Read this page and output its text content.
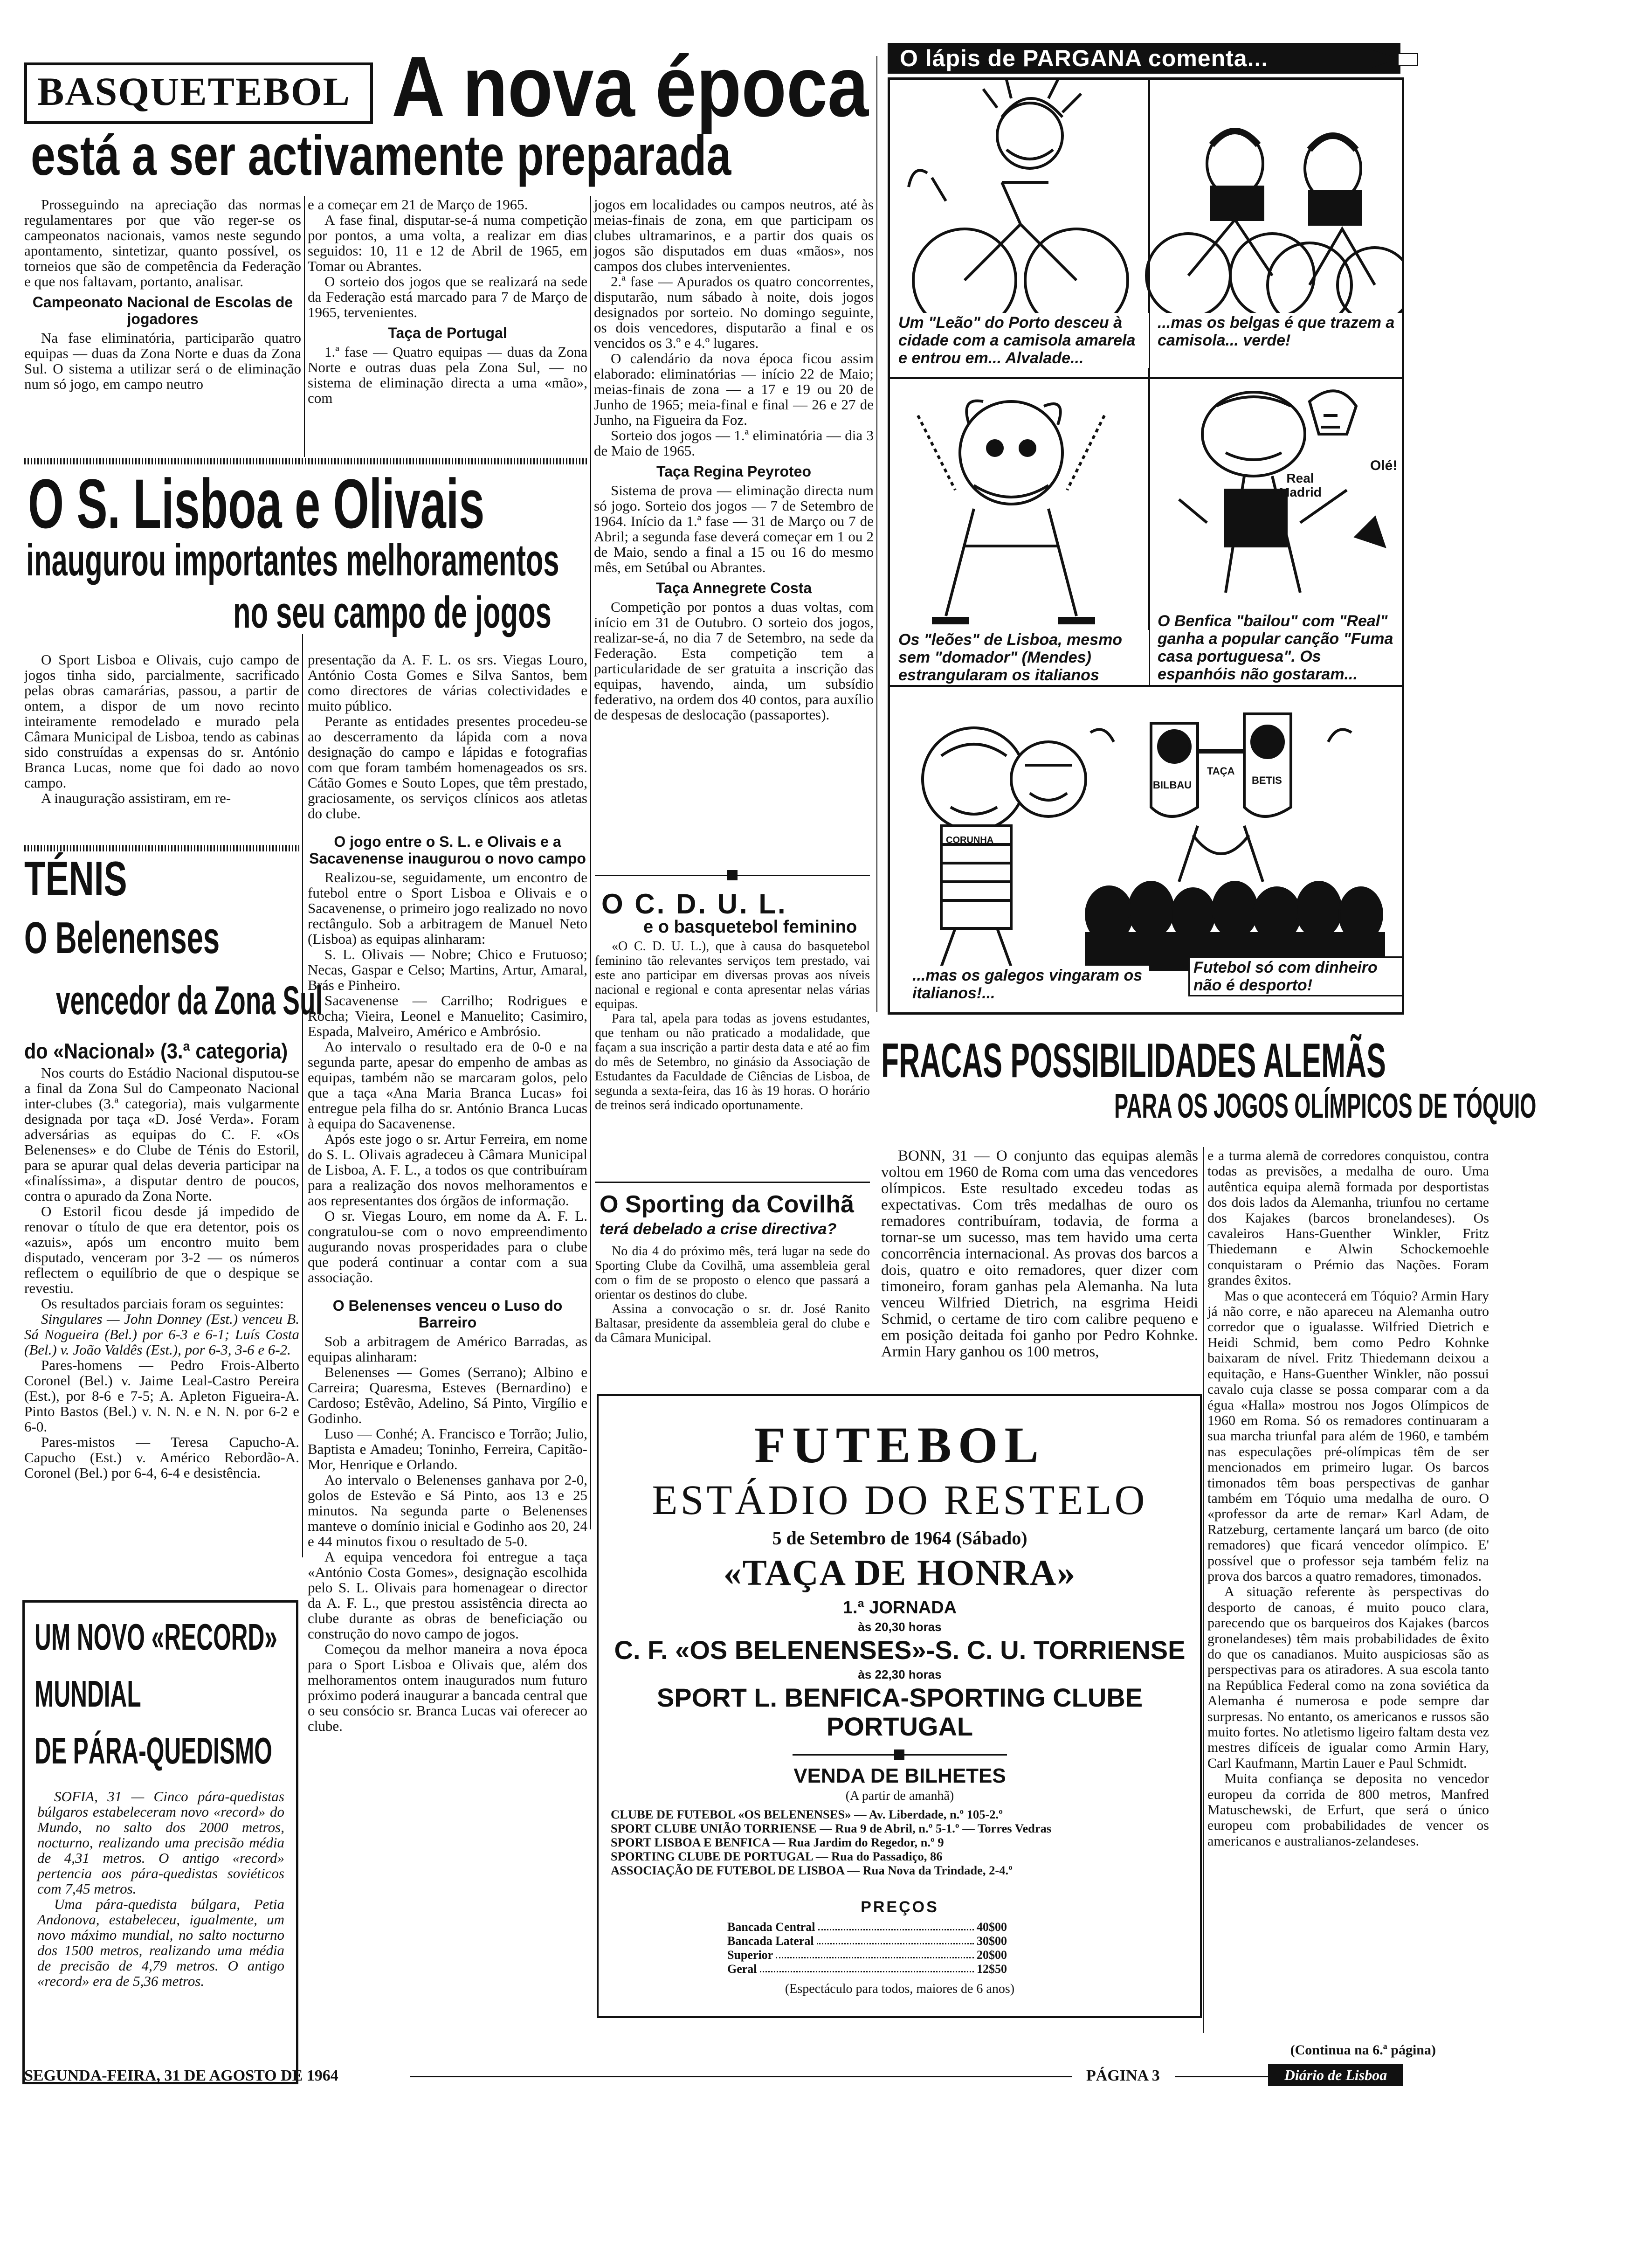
BASQUETEBOL A nova época
está a ser activamente preparada

Prosseguindo na apreciação das normas regulamentares por que vão reger-se os campeonatos nacionais, vamos neste segundo apontamento, sintetizar, quanto possível, os torneios que são de competência da Federação e que nos faltavam, portanto, analisar.

Campeonato Nacional de Escolas de jogadores

Na fase eliminatória, participarão quatro equipas — duas da Zona Norte e duas da Zona Sul. O sistema a utilizar será o de eliminação num só jogo, em campo neutro

e a começar em 21 de Março de 1965.

A fase final, disputar-se-á numa competição por pontos, a uma volta, a realizar em dias seguidos: 10, 11 e 12 de Abril de 1965, em Tomar ou Abrantes.

O sorteio dos jogos que se realizará na sede da Federação está marcado para 7 de Março de 1965, tervenientes.

Taça de Portugal

1.ª fase — Quatro equipas — duas da Zona Norte e outras duas pela Zona Sul, — no sistema de eliminação directa a uma «mão», com

jogos em localidades ou campos neutros, até às meias-finais de zona, em que participam os clubes ultramarinos, e a partir dos quais os jogos são disputados em duas «mãos», nos campos dos clubes intervenientes.

2.ª fase — Apurados os quatro concorrentes, disputarão, num sábado à noite, dois jogos designados por sorteio. No domingo seguinte, os dois vencedores, disputarão a final e os vencidos os 3.º e 4.º lugares.

O calendário da nova época ficou assim elaborado: eliminatórias — início 22 de Maio; meias-finais de zona — a 17 e 19 ou 20 de Junho de 1965; meia-final e final — 26 e 27 de Junho, na Figueira da Foz.

Sorteio dos jogos — 1.ª eliminatória — dia 3 de Maio de 1965.

Taça Regina Peyroteo

Sistema de prova — eliminação directa num só jogo. Sorteio dos jogos — 7 de Setembro de 1964. Início da 1.ª fase — 31 de Março ou 7 de Abril; a segunda fase deverá começar em 1 ou 2 de Maio, sendo a final a 15 ou 16 do mesmo mês, em Setúbal ou Abrantes.

Taça Annegrete Costa

Competição por pontos a duas voltas, com início em 31 de Outubro. O sorteio dos jogos, realizar-se-á, no dia 7 de Setembro, na sede da Federação. Esta competição tem a particularidade de ser gratuita a inscrição das equipas, havendo, ainda, um subsídio federativo, na ordem dos 40 contos, para auxílio de despesas de deslocação (passaportes).

O S. Lisboa e Olivais
inaugurou importantes melhoramentos
no seu campo de jogos

O Sport Lisboa e Olivais, cujo campo de jogos tinha sido, parcialmente, sacrificado pelas obras camarárias, passou, a partir de ontem, a dispor de um novo recinto inteiramente remodelado e murado pela Câmara Municipal de Lisboa, tendo as cabinas sido construídas a expensas do sr. António Branca Lucas, nome que foi dado ao novo campo.

A inauguração assistiram, em re-

presentação da A. F. L. os srs. Viegas Louro, António Costa Gomes e Silva Santos, bem como directores de várias colectividades e muito público.

Perante as entidades presentes procedeu-se ao descerramento da lápida com a nova designação do campo e lápidas e fotografias com que foram também homenageados os srs. Cátão Gomes e Souto Lopes, que têm prestado, graciosamente, os serviços clínicos aos atletas do clube.

O jogo entre o S. L. e Olivais e a Sacavenense inaugurou o novo campo

Realizou-se, seguidamente, um encontro de futebol entre o Sport Lisboa e Olivais e o Sacavenense, o primeiro jogo realizado no novo rectângulo. Sob a arbitragem de Manuel Neto (Lisboa) as equipas alinharam:

S. L. Olivais — Nobre; Chico e Frutuoso; Necas, Gaspar e Celso; Martins, Artur, Amaral, Brás e Pinheiro.

Sacavenense — Carrilho; Rodrigues e Rocha; Vieira, Leonel e Manuelito; Casimiro, Espada, Malveiro, Américo e Ambrósio.

Ao intervalo o resultado era de 0-0 e na segunda parte, apesar do empenho de ambas as equipas, também não se marcaram golos, pelo que a taça «Ana Maria Branca Lucas» foi entregue pela filha do sr. António Branca Lucas à equipa do Sacavenense.

Após este jogo o sr. Artur Ferreira, em nome do S. L. Olivais agradeceu à Câmara Municipal de Lisboa, A. F. L., a todos os que contribuíram para a realização dos novos melhoramentos e aos representantes dos órgãos de informação.

O sr. Viegas Louro, em nome da A. F. L. congratulou-se com o novo empreendimento augurando novas prosperidades para o clube que poderá continuar a contar com a sua associação.

O Belenenses venceu o Luso do Barreiro

Sob a arbitragem de Américo Barradas, as equipas alinharam:

Belenenses — Gomes (Serrano); Albino e Carreira; Quaresma, Esteves (Bernardino) e Cardoso; Estêvão, Adelino, Sá Pinto, Virgílio e Godinho.

Luso — Conhé; A. Francisco e Torrão; Julio, Baptista e Amadeu; Toninho, Ferreira, Capitão-Mor, Henrique e Orlando.

Ao intervalo o Belenenses ganhava por 2-0, golos de Estevão e Sá Pinto, aos 13 e 25 minutos. Na segunda parte o Belenenses manteve o domínio inicial e Godinho aos 20, 24 e 44 minutos fixou o resultado de 5-0.

A equipa vencedora foi entregue a taça «António Costa Gomes», designação escolhida pelo S. L. Olivais para homenagear o director da A. F. L., que prestou assistência directa ao clube durante as obras de beneficiação ou construção do novo campo de jogos.

Começou da melhor maneira a nova época para o Sport Lisboa e Olivais que, além dos melhoramentos ontem inaugurados num futuro próximo poderá inaugurar a bancada central que o seu consócio sr. Branca Lucas vai oferecer ao clube.

TÉNIS
O Belenenses
vencedor da Zona Sul
do «Nacional» (3.ª categoria)

Nos courts do Estádio Nacional disputou-se a final da Zona Sul do Campeonato Nacional inter-clubes (3.ª categoria), mais vulgarmente designada por taça «D. José Verda». Foram adversárias as equipas do C. F. «Os Belenenses» e do Clube de Ténis do Estoril, para se apurar qual delas deveria participar na «finalíssima», a disputar dentro de poucos, contra o apurado da Zona Norte.

O Estoril ficou desde já impedido de renovar o título de que era detentor, pois os «azuis», após um encontro muito bem disputado, venceram por 3-2 — os números reflectem o equilíbrio de que o despique se revestiu.

Os resultados parciais foram os seguintes:

Singulares — John Donney (Est.) venceu B. Sá Nogueira (Bel.) por 6-3 e 6-1; Luís Costa (Bel.) v. João Valdês (Est.), por 6-3, 3-6 e 6-2.

Pares-homens — Pedro Frois-Alberto Coronel (Bel.) v. Jaime Leal-Castro Pereira (Est.), por 8-6 e 7-5; A. Apleton Figueira-A. Pinto Bastos (Bel.) v. N. N. e N. N. por 6-2 e 6-0.

Pares-mistos — Teresa Capucho-A. Capucho (Est.) v. Américo Rebordão-A. Coronel (Bel.) por 6-4, 6-4 e desistência.

UM NOVO «RECORD»
MUNDIAL
DE PÁRA-QUEDISMO

SOFIA, 31 — Cinco pára-quedistas búlgaros estabeleceram novo «record» do Mundo, no salto dos 2000 metros, nocturno, realizando uma precisão média de 4,31 metros. O antigo «record» pertencia aos pára-quedistas soviéticos com 7,45 metros.

Uma pára-quedista búlgara, Petia Andonova, estabeleceu, igualmente, um novo máximo mundial, no salto nocturno dos 1500 metros, realizando uma média de precisão de 4,79 metros. O antigo «record» era de 5,36 metros.

O C. D. U. L.
e o basquetebol feminino

«O C. D. U. L.), que à causa do basquetebol feminino tão relevantes serviços tem prestado, vai este ano participar em diversas provas aos níveis nacional e regional e conta apresentar nelas várias equipas.

Para tal, apela para todas as jovens estudantes, que tenham ou não praticado a modalidade, que façam a sua inscrição a partir desta data e até ao fim do mês de Setembro, no ginásio da Associação de Estudantes da Faculdade de Ciências de Lisboa, de segunda a sexta-feira, das 16 às 19 horas. O horário de treinos será indicado oportunamente.

O Sporting da Covilhã
terá debelado a crise directiva?

No dia 4 do próximo mês, terá lugar na sede do Sporting Clube da Covilhã, uma assembleia geral com o fim de se proposto o elenco que passará a orientar os destinos do clube.

Assina a convocação o sr. dr. José Ranito Baltasar, presidente da assembleia geral do clube e da Câmara Municipal.

O lápis de PARGANA comenta...
Real Madrid
Olé!
BILBAU	BETIS
TAÇA
CORUNHA
Um "Leão" do Porto desceu à cidade com a camisola amarela e entrou em... Alvalade...
...mas os belgas é que trazem a camisola... verde!
Os "leões" de Lisboa, mesmo sem "domador" (Mendes) estrangularam os italianos
O Benfica "bailou" com "Real" ganha a popular canção "Fuma casa portuguesa". Os espanhóis não gostaram...
...mas os galegos vingaram os italianos!...
Futebol só com dinheiro não é desporto!
FRACAS POSSIBILIDADES ALEMÃS
PARA OS JOGOS OLÍMPICOS DE TÓQUIO

BONN, 31 — O conjunto das equipas alemãs voltou em 1960 de Roma com uma das vencedores olímpicos. Este resultado excedeu todas as expectativas. Com três medalhas de ouro os remadores contribuíram, todavia, de forma a tornar-se um sucesso, mas tem havido uma certa concorrência internacional. As provas dos barcos a dois, quatro e oito remadores, quer dizer com timoneiro, foram ganhas pela Alemanha. Na luta venceu Wilfried Dietrich, na esgrima Heidi Schmid, o certame de tiro com calibre pequeno e em posição deitada foi ganho por Pedro Kohnke. Armin Hary ganhou os 100 metros,

e a turma alemã de corredores conquistou, contra todas as previsões, a medalha de ouro. Uma autêntica equipa alemã formada por desportistas dos dois lados da Alemanha, triunfou no certame dos Kajakes (barcos bronelandeses). Os cavaleiros Hans-Guenther Winkler, Fritz Thiedemann e Alwin Schockemoehle conquistaram o Prémio das Nações. Foram grandes êxitos.

Mas o que acontecerá em Tóquio? Armin Hary já não corre, e não apareceu na Alemanha outro corredor que o igualasse. Wilfried Dietrich e Heidi Schmid, bem como Pedro Kohnke baixaram de nível. Fritz Thiedemann deixou a equitação, e Hans-Guenther Winkler, não possui cavalo cuja classe se possa comparar com a da égua «Halla» mostrou nos Jogos Olímpicos de 1960 em Roma. Só os remadores continuaram a sua marcha triunfal para além de 1960, e também nas especulações pré-olímpicas têm de ser mencionados em primeiro lugar. Os barcos timonados têm boas perspectivas de ganhar também em Tóquio uma medalha de ouro. O «professor da arte de remar» Karl Adam, de Ratzeburg, certamente lançará um barco (de oito remadores) que ficará vencedor olímpico. E' possível que o professor seja também feliz na prova dos barcos a quatro remadores, timonados.

A situação referente às perspectivas do desporto de canoas, é muito pouco clara, parecendo que os barqueiros dos Kajakes (barcos gronelandeses) têm mais probabilidades de êxito do que os canadianos. Muito auspiciosas são as perspectivas para os atiradores. A sua escola tanto na República Federal como na zona soviética da Alemanha é numerosa e pode sempre dar surpresas. No entanto, os americanos e russos são muito fortes. No atletismo ligeiro faltam desta vez mestres difíceis de igualar como Armin Hary, Carl Kaufmann, Martin Lauer e Paul Schmidt.

Muita confiança se deposita no vencedor europeu da corrida de 800 metros, Manfred Matuschewski, de Erfurt, que será o único europeu com probabilidades de vencer os americanos e australianos-zelandeses.

(Continua na 6.ª página)
FUTEBOL
ESTÁDIO DO RESTELO
5 de Setembro de 1964 (Sábado)
«TAÇA DE HONRA»
1.ª JORNADA
às 20,30 horas
C. F. «OS BELENENSES»-S. C. U. TORRIENSE
às 22,30 horas
SPORT L. BENFICA-SPORTING CLUBE
PORTUGAL
VENDA DE BILHETES
(A partir de amanhã)
CLUBE DE FUTEBOL «OS BELENENSES» — Av. Liberdade, n.º 105-2.º
SPORT CLUBE UNIÃO TORRIENSE — Rua 9 de Abril, n.º 5-1.º — Torres Vedras
SPORT LISBOA E BENFICA — Rua Jardim do Regedor, n.º 9
SPORTING CLUBE DE PORTUGAL — Rua do Passadiço, 86
ASSOCIAÇÃO DE FUTEBOL DE LISBOA — Rua Nova da Trindade, 2-4.º
PREÇOS
Bancada Central	40$00
Bancada Lateral	30$00
Superior	20$00
Geral	12$50
(Espectáculo para todos, maiores de 6 anos)
SEGUNDA-FEIRA, 31 DE AGOSTO DE 1964	PÁGINA 3	Diário de Lisboa
